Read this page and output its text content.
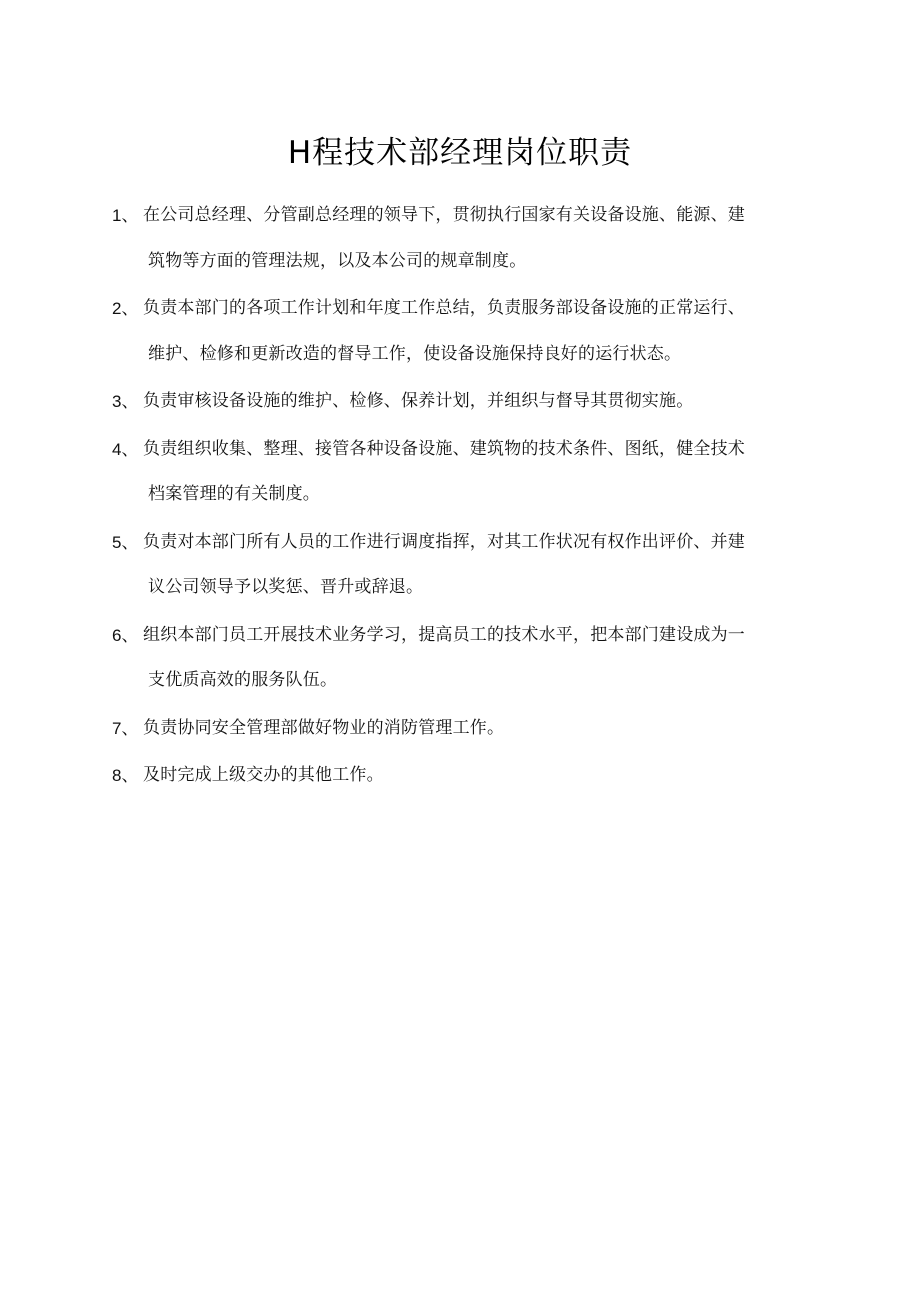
H程技术部经理岗位职责
1、 在公司总经理、分管副总经理的领导下，贯彻执行国家有关设备设施、能源、建
筑物等方面的管理法规，以及本公司的规章制度。
2、 负责本部门的各项工作计划和年度工作总结，负责服务部设备设施的正常运行、
维护、检修和更新改造的督导工作，使设备设施保持良好的运行状态。
3、 负责审核设备设施的维护、检修、保养计划，并组织与督导其贯彻实施。
4、 负责组织收集、整理、接管各种设备设施、建筑物的技术条件、图纸，健全技术
档案管理的有关制度。
5、 负责对本部门所有人员的工作进行调度指挥，对其工作状况有权作出评价、并建
议公司领导予以奖惩、晋升或辞退。
6、 组织本部门员工开展技术业务学习，提高员工的技术水平，把本部门建设成为一
支优质高效的服务队伍。
7、 负责协同安全管理部做好物业的消防管理工作。
8、 及时完成上级交办的其他工作。
